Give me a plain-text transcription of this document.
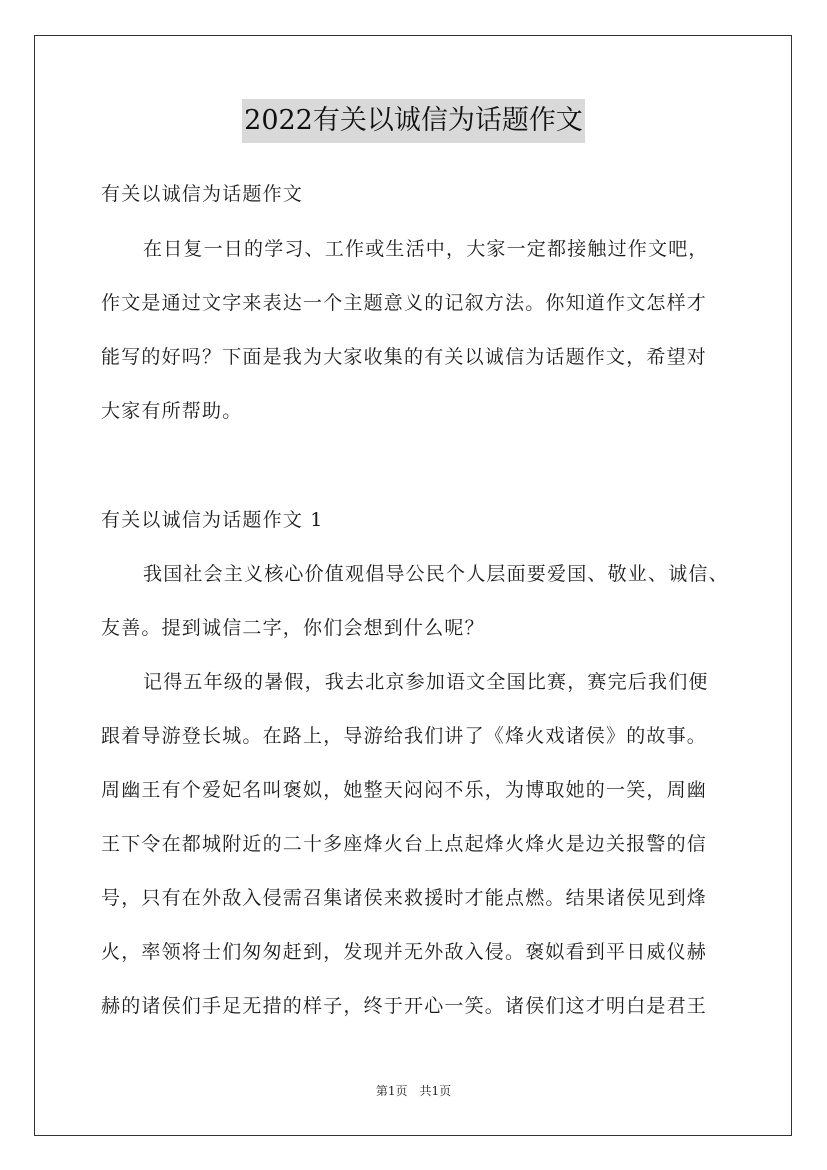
2022有关以诚信为话题作文
有关以诚信为话题作文
在日复一日的学习、工作或生活中，大家一定都接触过作文吧，
作文是通过文字来表达一个主题意义的记叙方法。你知道作文怎样才
能写的好吗？下面是我为大家收集的有关以诚信为话题作文，希望对
大家有所帮助。
有关以诚信为话题作文 1
我国社会主义核心价值观倡导公民个人层面要爱国、敬业、诚信、
友善。提到诚信二字，你们会想到什么呢？
记得五年级的暑假，我去北京参加语文全国比赛，赛完后我们便
跟着导游登长城。在路上，导游给我们讲了《烽火戏诸侯》的故事。
周幽王有个爱妃名叫褒姒，她整天闷闷不乐，为博取她的一笑，周幽
王下令在都城附近的二十多座烽火台上点起烽火烽火是边关报警的信
号，只有在外敌入侵需召集诸侯来救援时才能点燃。结果诸侯见到烽
火，率领将士们匆匆赶到，发现并无外敌入侵。褒姒看到平日威仪赫
赫的诸侯们手足无措的样子，终于开心一笑。诸侯们这才明白是君王
第1页　共1页
